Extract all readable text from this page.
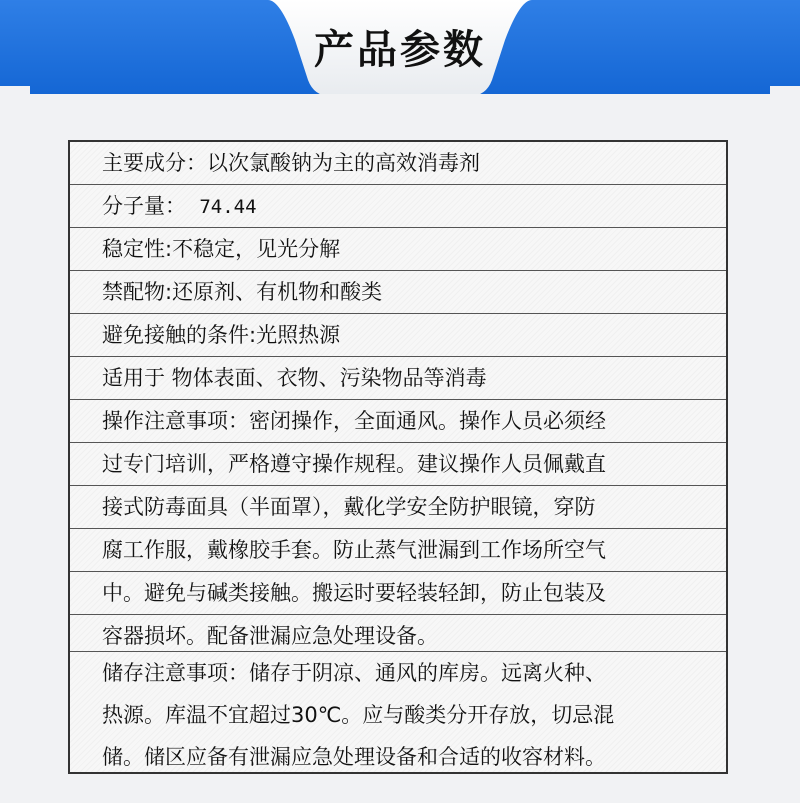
产品参数
主要成分：以次氯酸钠为主的高效消毒剂
分子量： 74.44
稳定性:不稳定，见光分解
禁配物:还原剂、有机物和酸类
避免接触的条件:光照热源
适用于 物体表面、衣物、污染物品等消毒
操作注意事项：密闭操作，全面通风。操作人员必须经
过专门培训，严格遵守操作规程。建议操作人员佩戴直
接式防毒面具（半面罩），戴化学安全防护眼镜，穿防
腐工作服，戴橡胶手套。防止蒸气泄漏到工作场所空气
中。避免与碱类接触。搬运时要轻装轻卸，防止包装及
容器损坏。配备泄漏应急处理设备。
储存注意事项：储存于阴凉、通风的库房。远离火种、
热源。库温不宜超过30℃。应与酸类分开存放，切忌混
储。储区应备有泄漏应急处理设备和合适的收容材料。
